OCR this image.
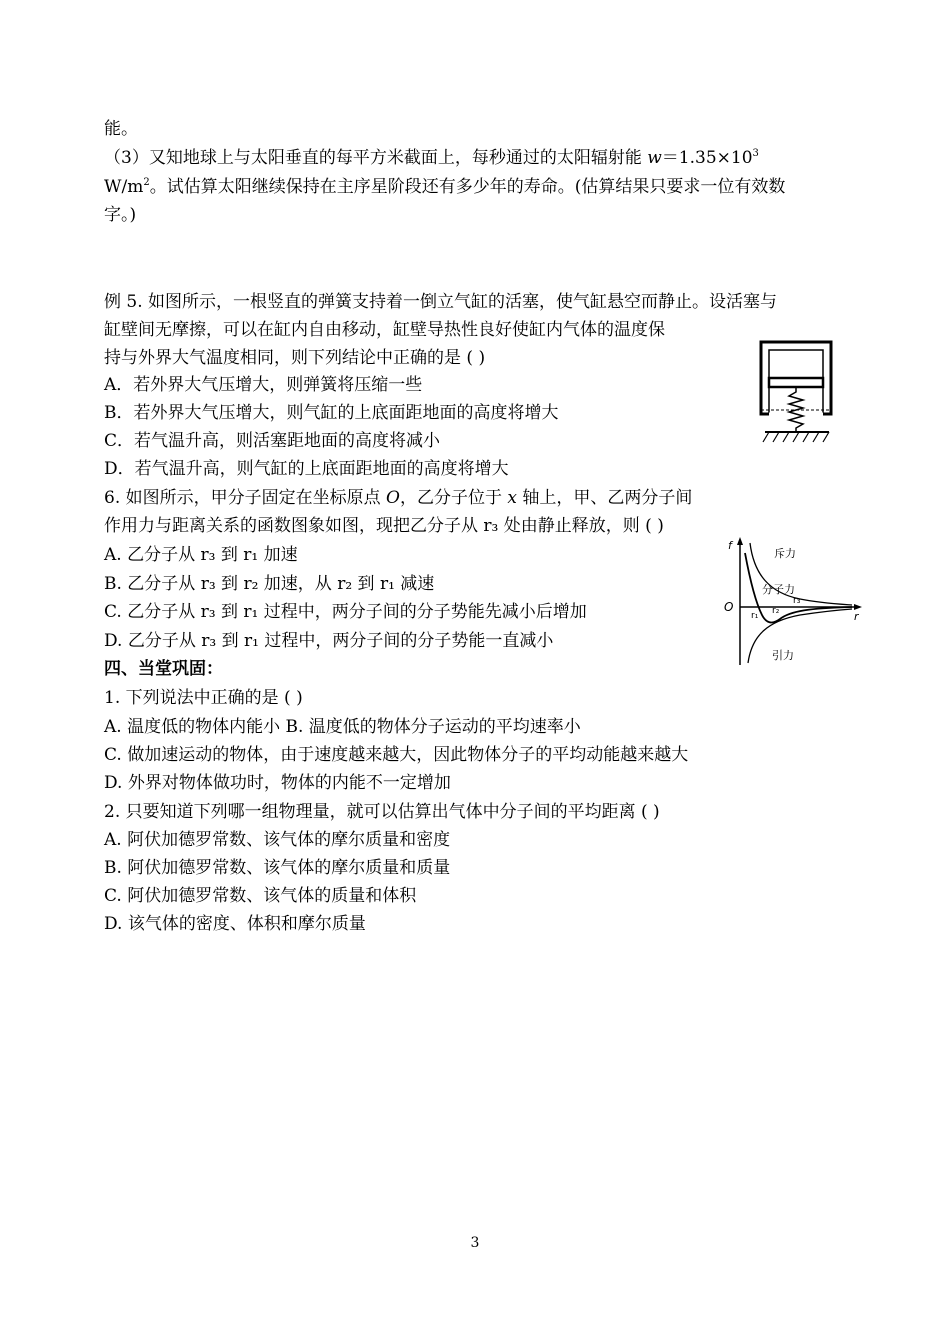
能。
（3）又知地球上与太阳垂直的每平方米截面上，每秒通过的太阳辐射能 $w=1.35\times 10^3$
$W/m^2$。试估算太阳继续保持在主序星阶段还有多少年的寿命。(估算结果只要求一位有效数
字。)
例 5. 如图所示，一根竖直的弹簧支持着一倒立气缸的活塞，使气缸悬空而静止。设活塞与
缸壁间无摩擦，可以在缸内自由移动，缸壁导热性良好使缸内气体的温度保
持与外界大气温度相同，则下列结论中正确的是 ( )
A．若外界大气压增大，则弹簧将压缩一些
B．若外界大气压增大，则气缸的上底面距地面的高度将增大
C．若气温升高，则活塞距地面的高度将减小
D．若气温升高，则气缸的上底面距地面的高度将增大
6. 如图所示，甲分子固定在坐标原点 O，乙分子位于 x 轴上，甲、乙两分子间
作用力与距离关系的函数图象如图，现把乙分子从 r₃ 处由静止释放，则 ( )
A. 乙分子从 r₃ 到 r₁ 加速
B. 乙分子从 r₃ 到 r₂ 加速，从 r₂ 到 r₁ 减速
C. 乙分子从 r₃ 到 r₁ 过程中，两分子间的分子势能先减小后增加
D. 乙分子从 r₃ 到 r₁ 过程中，两分子间的分子势能一直减小
四、当堂巩固：
1. 下列说法中正确的是 ( )
A. 温度低的物体内能小 B. 温度低的物体分子运动的平均速率小
C. 做加速运动的物体，由于速度越来越大，因此物体分子的平均动能越来越大
D. 外界对物体做功时，物体的内能不一定增加
2. 只要知道下列哪一组物理量，就可以估算出气体中分子间的平均距离 ( )
A. 阿伏加德罗常数、该气体的摩尔质量和密度
B. 阿伏加德罗常数、该气体的摩尔质量和质量
C. 阿伏加德罗常数、该气体的质量和体积
D. 该气体的密度、体积和摩尔质量
f
斥力
分子力
引力
O
r
r₁ r₂
r₃
3
